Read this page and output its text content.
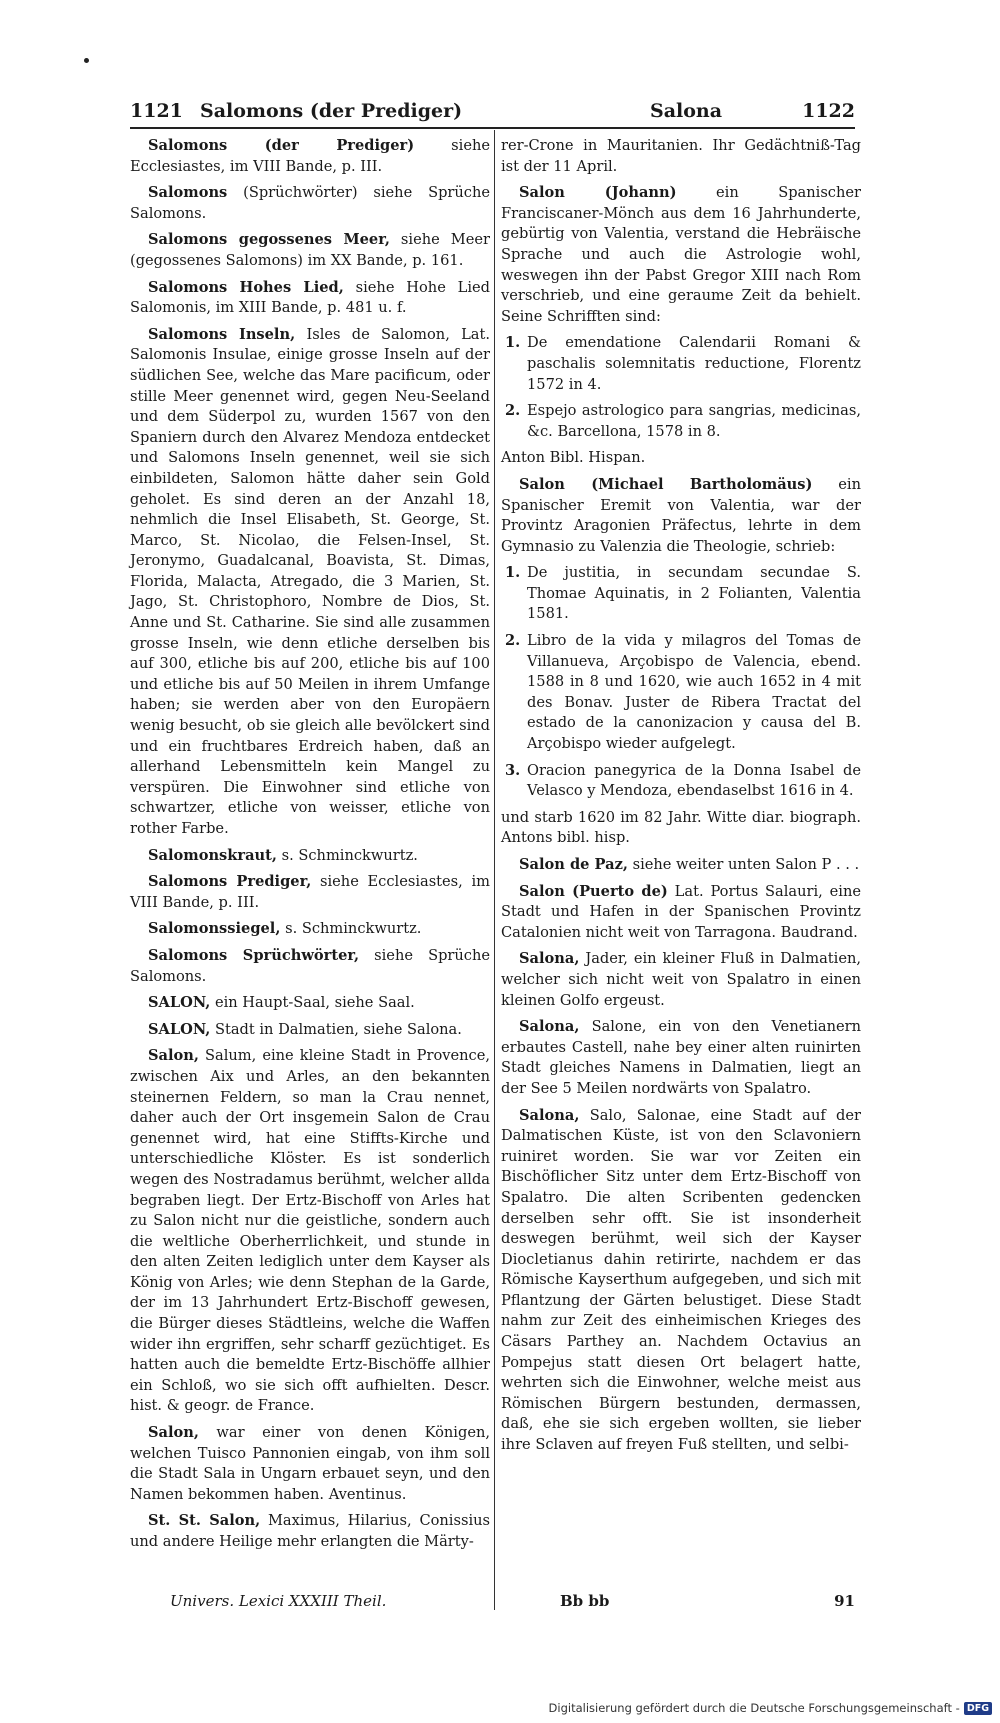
1121 Salomons (der Prediger)	Salona	1122

Salomons (der Prediger) siehe Ecclesiastes, im VIII Bande, p. III.

Salomons (Sprüchwörter) siehe Sprüche Salomons.

Salomons gegossenes Meer, siehe Meer (gegossenes Salomons) im XX Bande, p. 161.

Salomons Hohes Lied, siehe Hohe Lied Salomonis, im XIII Bande, p. 481 u. f.

Salomons Inseln, Isles de Salomon, Lat. Salomonis Insulae, einige grosse Inseln auf der südlichen See, welche das Mare pacificum, oder stille Meer genennet wird, gegen Neu-Seeland und dem Süderpol zu, wurden 1567 von den Spaniern durch den Alvarez Mendoza entdecket und Salomons Inseln genennet, weil sie sich einbildeten, Salomon hätte daher sein Gold geholet. Es sind deren an der Anzahl 18, nehmlich die Insel Elisabeth, St. George, St. Marco, St. Nicolao, die Felsen-Insel, St. Jeronymo, Guadalcanal, Boavista, St. Dimas, Florida, Malacta, Atregado, die 3 Marien, St. Jago, St. Christophoro, Nombre de Dios, St. Anne und St. Catharine. Sie sind alle zusammen grosse Inseln, wie denn etliche derselben bis auf 300, etliche bis auf 200, etliche bis auf 100 und etliche bis auf 50 Meilen in ihrem Umfange haben; sie werden aber von den Europäern wenig besucht, ob sie gleich alle bevölckert sind und ein fruchtbares Erdreich haben, daß an allerhand Lebensmitteln kein Mangel zu verspüren. Die Einwohner sind etliche von schwartzer, etliche von weisser, etliche von rother Farbe.

Salomonskraut, s. Schminckwurtz.

Salomons Prediger, siehe Ecclesiastes, im VIII Bande, p. III.

Salomonssiegel, s. Schminckwurtz.

Salomons Sprüchwörter, siehe Sprüche Salomons.

SALON, ein Haupt-Saal, siehe Saal.

SALON, Stadt in Dalmatien, siehe Salona.

Salon, Salum, eine kleine Stadt in Provence, zwischen Aix und Arles, an den bekannten steinernen Feldern, so man la Crau nennet, daher auch der Ort insgemein Salon de Crau genennet wird, hat eine Stiffts-Kirche und unterschiedliche Klöster. Es ist sonderlich wegen des Nostradamus berühmt, welcher allda begraben liegt. Der Ertz-Bischoff von Arles hat zu Salon nicht nur die geistliche, sondern auch die weltliche Oberherrlichkeit, und stunde in den alten Zeiten lediglich unter dem Kayser als König von Arles; wie denn Stephan de la Garde, der im 13 Jahrhundert Ertz-Bischoff gewesen, die Bürger dieses Städtleins, welche die Waffen wider ihn ergriffen, sehr scharff gezüchtiget. Es hatten auch die bemeldte Ertz-Bischöffe allhier ein Schloß, wo sie sich offt aufhielten. Descr. hist. & geogr. de France.

Salon, war einer von denen Königen, welchen Tuisco Pannonien eingab, von ihm soll die Stadt Sala in Ungarn erbauet seyn, und den Namen bekommen haben. Aventinus.

St. St. Salon, Maximus, Hilarius, Conissius und andere Heilige mehr erlangten die Märty-

rer-Crone in Mauritanien. Ihr Gedächtniß-Tag ist der 11 April.

Salon (Johann) ein Spanischer Franciscaner-Mönch aus dem 16 Jahrhunderte, gebürtig von Valentia, verstand die Hebräische Sprache und auch die Astrologie wohl, weswegen ihn der Pabst Gregor XIII nach Rom verschrieb, und eine geraume Zeit da behielt. Seine Schrifften sind:

1. De emendatione Calendarii Romani & paschalis solemnitatis reductione, Florentz 1572 in 4.
2. Espejo astrologico para sangrias, medicinas, &c. Barcellona, 1578 in 8.

Anton Bibl. Hispan.

Salon (Michael Bartholomäus) ein Spanischer Eremit von Valentia, war der Provintz Aragonien Präfectus, lehrte in dem Gymnasio zu Valenzia die Theologie, schrieb:

1. De justitia, in secundam secundae S. Thomae Aquinatis, in 2 Folianten, Valentia 1581.
2. Libro de la vida y milagros del Tomas de Villanueva, Arçobispo de Valencia, ebend. 1588 in 8 und 1620, wie auch 1652 in 4 mit des Bonav. Juster de Ribera Tractat del estado de la canonizacion y causa del B. Arçobispo wieder aufgelegt.
3. Oracion panegyrica de la Donna Isabel de Velasco y Mendoza, ebendaselbst 1616 in 4.

und starb 1620 im 82 Jahr. Witte diar. biograph. Antons bibl. hisp.

Salon de Paz, siehe weiter unten Salon P . . .

Salon (Puerto de) Lat. Portus Salauri, eine Stadt und Hafen in der Spanischen Provintz Catalonien nicht weit von Tarragona. Baudrand.

Salona, Jader, ein kleiner Fluß in Dalmatien, welcher sich nicht weit von Spalatro in einen kleinen Golfo ergeust.

Salona, Salone, ein von den Venetianern erbautes Castell, nahe bey einer alten ruinirten Stadt gleiches Namens in Dalmatien, liegt an der See 5 Meilen nordwärts von Spalatro.

Salona, Salo, Salonae, eine Stadt auf der Dalmatischen Küste, ist von den Sclavoniern ruiniret worden. Sie war vor Zeiten ein Bischöflicher Sitz unter dem Ertz-Bischoff von Spalatro. Die alten Scribenten gedencken derselben sehr offt. Sie ist insonderheit deswegen berühmt, weil sich der Kayser Diocletianus dahin retirirte, nachdem er das Römische Kayserthum aufgegeben, und sich mit Pflantzung der Gärten belustiget. Diese Stadt nahm zur Zeit des einheimischen Krieges des Cäsars Parthey an. Nachdem Octavius an Pompejus statt diesen Ort belagert hatte, wehrten sich die Einwohner, welche meist aus Römischen Bürgern bestunden, dermassen, daß, ehe sie sich ergeben wollten, sie lieber ihre Sclaven auf freyen Fuß stellten, und selbi-

Univers. Lexici XXXIII Theil.	Bb bb	91
Digitalisierung gefördert durch die Deutsche Forschungsgemeinschaft - DFG
